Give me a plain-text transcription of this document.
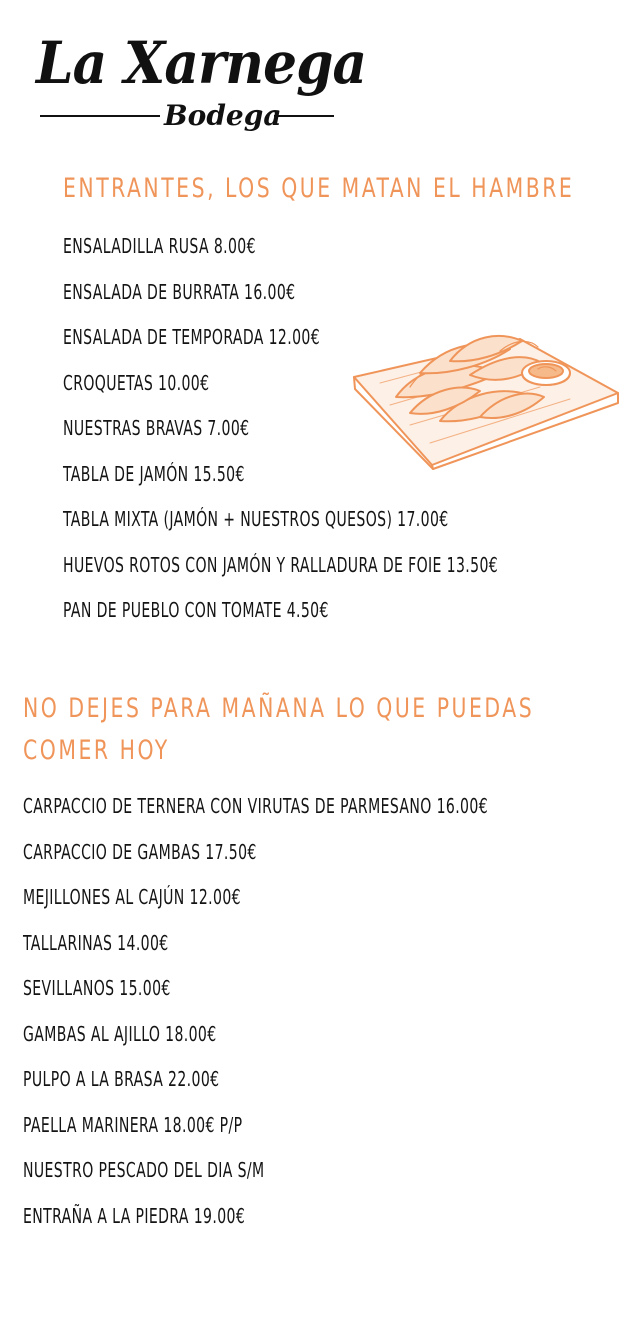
La Xarnega
Bodega
ENTRANTES, LOS QUE MATAN EL HAMBRE
ENSALADILLA RUSA 8.00€
ENSALADA DE BURRATA 16.00€
ENSALADA DE TEMPORADA 12.00€
CROQUETAS 10.00€
NUESTRAS BRAVAS 7.00€
TABLA DE JAMÓN 15.50€
TABLA MIXTA (JAMÓN + NUESTROS QUESOS) 17.00€
HUEVOS ROTOS CON JAMÓN Y RALLADURA DE FOIE 13.50€
PAN DE PUEBLO CON TOMATE 4.50€
NO DEJES PARA MAÑANA LO QUE PUEDAS
COMER HOY
CARPACCIO DE TERNERA CON VIRUTAS DE PARMESANO 16.00€
CARPACCIO DE GAMBAS 17.50€
MEJILLONES AL CAJÚN 12.00€
TALLARINAS 14.00€
SEVILLANOS 15.00€
GAMBAS AL AJILLO 18.00€
PULPO A LA BRASA 22.00€
PAELLA MARINERA 18.00€ P/P
NUESTRO PESCADO DEL DIA S/M
ENTRAÑA A LA PIEDRA 19.00€
